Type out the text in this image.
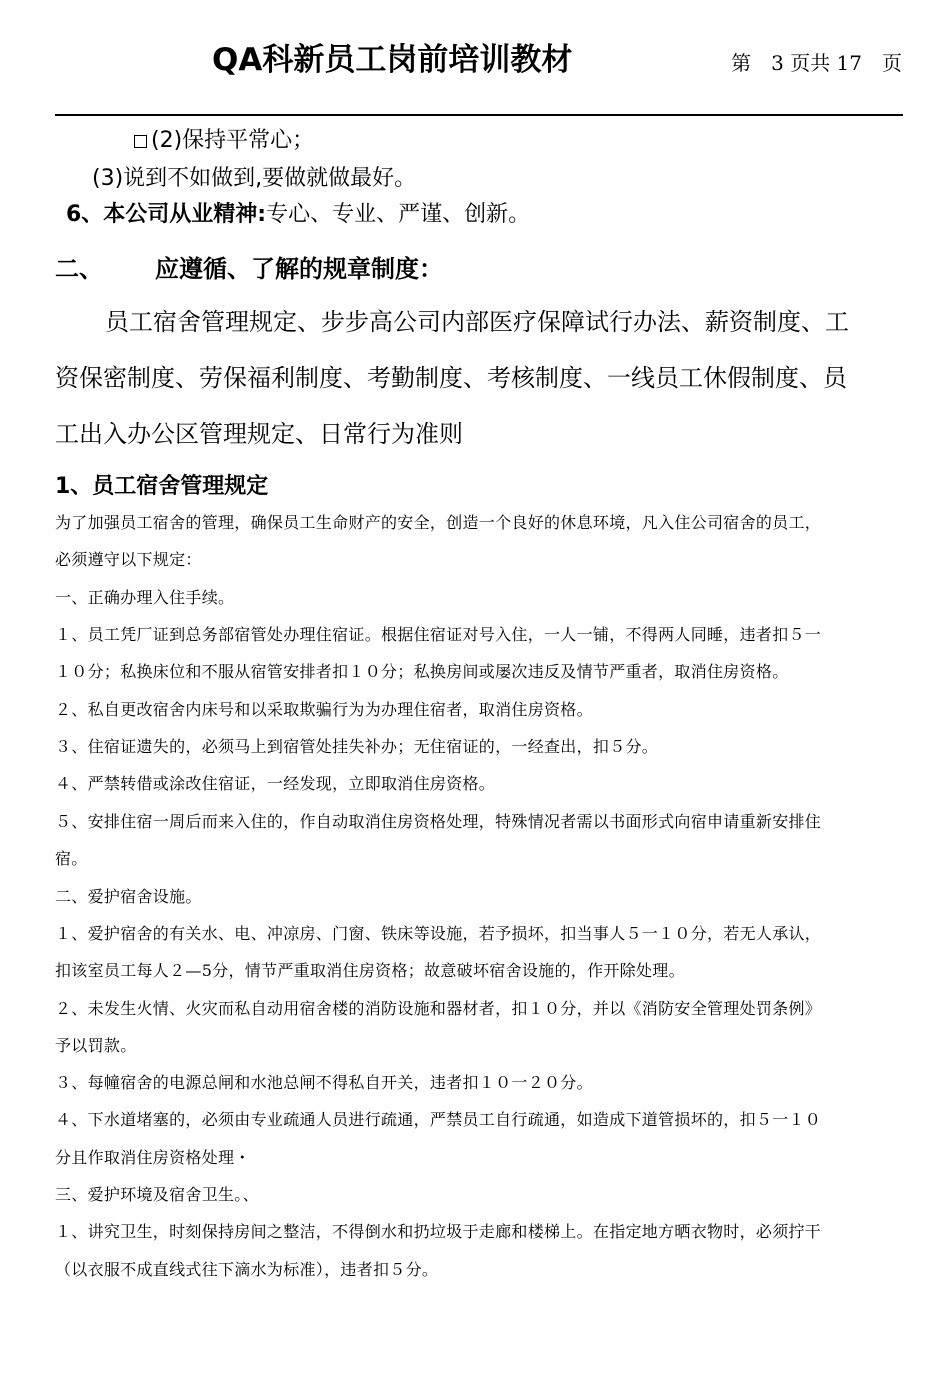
QA科新员工岗前培训教材	第　3 页共 17　页
(2)保持平常心；
(3)说到不如做到,要做就做最好。
6、本公司从业精神:专心、专业、严谨、创新。
二、 应遵循、了解的规章制度：
员工宿舍管理规定、步步高公司内部医疗保障试行办法、薪资制度、工
资保密制度、劳保福利制度、考勤制度、考核制度、一线员工休假制度、员
工出入办公区管理规定、日常行为准则
1、员工宿舍管理规定
为了加强员工宿舍的管理，确保员工生命财产的安全，创造一个良好的休息环境，凡入住公司宿舍的员工，
必须遵守以下规定：
一、正确办理入住手续。
１、员工凭厂证到总务部宿管处办理住宿证。根据住宿证对号入住，一人一铺，不得两人同睡，违者扣５一
１０分；私换床位和不服从宿管安排者扣１０分；私换房间或屡次违反及情节严重者，取消住房资格。
２、私自更改宿舍内床号和以采取欺骗行为为办理住宿者，取消住房资格。
３、住宿证遗失的，必须马上到宿管处挂失补办；无住宿证的，一经查出，扣５分。
４、严禁转借或涂改住宿证，一经发现，立即取消住房资格。
５、安排住宿一周后而来入住的，作自动取消住房资格处理，特殊情况者需以书面形式向宿申请重新安排住
宿。
二、爱护宿舍设施。
１、爱护宿舍的有关水、电、冲凉房、门窗、铁床等设施，若予损坏，扣当事人５一１０分，若无人承认，
扣该室员工每人２—5分，情节严重取消住房资格；故意破坏宿舍设施的，作开除处理。
２、未发生火情、火灾而私自动用宿舍楼的消防设施和器材者，扣１０分，并以《消防安全管理处罚条例》
予以罚款。
３、每幢宿舍的电源总闸和水池总闸不得私自开关，违者扣１０一２０分。
４、下水道堵塞的，必须由专业疏通人员进行疏通，严禁员工自行疏通，如造成下道管损坏的，扣５一１０
分且作取消住房资格处理・
三、爱护环境及宿舍卫生。、
１、讲究卫生，时刻保持房间之整洁，不得倒水和扔垃圾于走廊和楼梯上。在指定地方晒衣物时，必须拧干
（以衣服不成直线式往下滴水为标准），违者扣５分。
